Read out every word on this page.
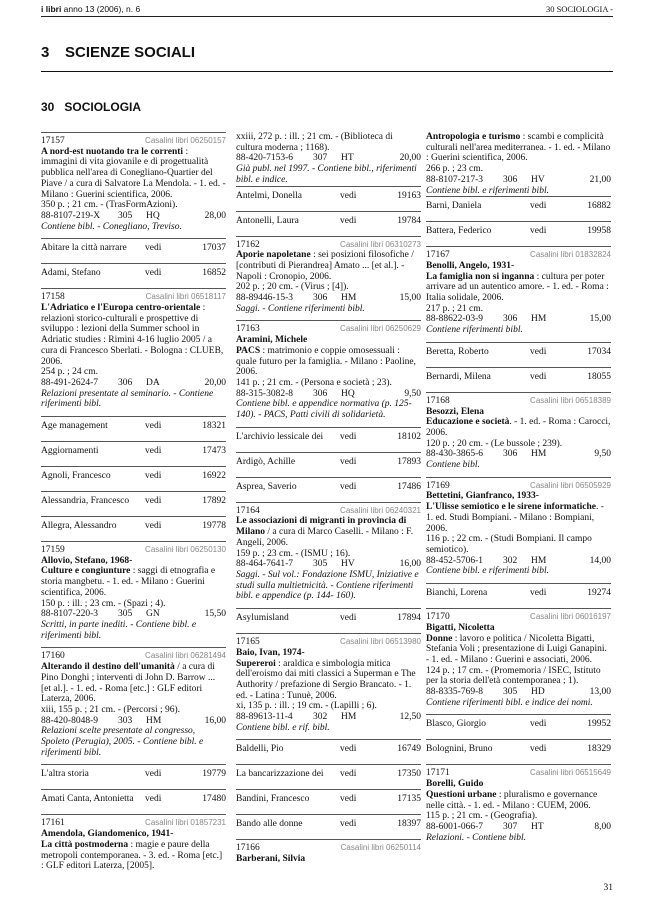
i libri anno 13 (2006), n. 6	30 SOCIOLOGIA -
3 SCIENZE SOCIALI
30 SOCIOLOGIA
17157	Casalini libri 06250157
A nord-est nuotando tra le correnti : immagini di vita giovanile e di progettualità pubblica nell'area di Conegliano-Quartier del Piave / a cura di Salvatore La Mendola. - 1. ed. - Milano : Guerini scientifica, 2006.
350 p. ; 21 cm. - (TrasFormAzioni).
88-8107-219-X	305	HQ	28,00
Contiene bibl. - Conegliano, Treviso.
Abitare la città narrare	vedi	17037
Adami, Stefano	vedi	16852
17158	Casalini libri 06518117
L'Adriatico e l'Europa centro-orientale : relazioni storico-culturali e prospettive di sviluppo : lezioni della Summer school in Adriatic studies : Rimini 4-16 luglio 2005 / a cura di Francesco Sberlati. - Bologna : CLUEB, 2006.
254 p. ; 24 cm.
88-491-2624-7	306	DA	20,00
Relazioni presentate al seminario. - Contiene riferimenti bibl.
Age management	vedi	18321
Aggiornamenti	vedi	17473
Agnoli, Francesco	vedi	16922
Alessandria, Francesco	vedi	17892
Allegra, Alessandro	vedi	19778
17159	Casalini libri 06250130
Allovio, Stefano, 1968-
Culture e congiunture : saggi di etnografia e storia mangbetu. - 1. ed. - Milano : Guerini scientifica, 2006.
150 p. : ill. ; 23 cm. - (Spazi ; 4).
88-8107-220-3	305	GN	15,50
Scritti, in parte inediti. - Contiene bibl. e riferimenti bibl.
17160	Casalini libri 06281494
Alterando il destino dell'umanità / a cura di Pino Donghi ; interventi di John D. Barrow ... [et al.]. - 1. ed. - Roma [etc.] : GLF editori Laterza, 2006.
xiii, 155 p. ; 21 cm. - (Percorsi ; 96).
88-420-8048-9	303	HM	16,00
Relazioni scelte presentate al congresso, Spoleto (Perugia), 2005. - Contiene bibl. e riferimenti bibl.
L'altra storia	vedi	19779
Amati Canta, Antonietta	vedi	17480
17161	Casalini libri 01857231
Amendola, Giandomenico, 1941-
La città postmoderna : magie e paure della metropoli contemporanea. - 3. ed. - Roma [etc.] : GLF editori Laterza, [2005].
xxiii, 272 p. : ill. ; 21 cm. - (Biblioteca di cultura moderna ; 1168).
88-420-7153-6	307	HT	20,00
Già publ. nel 1997. - Contiene bibl., riferimenti bibl. e indice.
Antelmi, Donella	vedi	19163
Antonelli, Laura	vedi	19784
17162	Casalini libri 06310273
Aporie napoletane : sei posizioni filosofiche / [contributi di Pierandrea] Amato ... [et al.]. - Napoli : Cronopio, 2006.
202 p. ; 20 cm. - (Virus ; [4]).
88-89446-15-3	306	HM	15,00
Saggi. - Contiene riferimenti bibl.
17163	Casalini libri 06250629
Aramini, Michele
PACS : matrimonio e coppie omosessuali : quale futuro per la famiglia. - Milano : Paoline, 2006.
141 p. ; 21 cm. - (Persona e società ; 23).
88-315-3082-8	306	HQ	9,50
Contiene bibl. e appendice normativa (p. 125-140). - PACS, Patti civili di solidarietà.
L'archivio lessicale dei	vedi	18102
Ardigò, Achille	vedi	17893
Asprea, Saverio	vedi	17486
17164	Casalini libri 06240321
Le associazioni di migranti in provincia di Milano / a cura di Marco Caselli. - Milano : F. Angeli, 2006.
159 p. ; 23 cm. - (ISMU ; 16).
88-464-7641-7	305	HV	16,00
Saggi. - Sul vol.: Fondazione ISMU, Iniziative e studi sulla multietnicità. - Contiene riferimenti bibl. e appendice (p. 144- 160).
Asylumisland	vedi	17894
17165	Casalini libri 06513980
Baio, Ivan, 1974-
Supereroi : araldica e simbologia mitica dell'eroismo dai miti classici a Superman e The Authority / prefazione di Sergio Brancato. - 1. ed. - Latina : Tunuè, 2006.
xi, 135 p. : ill. ; 19 cm. - (Lapilli ; 6).
88-89613-11-4	302	HM	12,50
Contiene bibl. e rif. bibl.
Baldelli, Pio	vedi	16749
La bancarizzazione dei	vedi	17350
Bandini, Francesco	vedi	17135
Bando alle donne	vedi	18397
17166	Casalini libri 06250114
Barberani, Silvia
Antropologia e turismo : scambi e complicità culturali nell'area mediterranea. - 1. ed. - Milano : Guerini scientifica, 2006.
266 p. ; 23 cm.
88-8107-217-3	306	HV	21,00
Contiene bibl. e riferimenti bibl.
Barni, Daniela	vedi	16882
Battera, Federico	vedi	19958
17167	Casalini libri 01832824
Benolli, Angelo, 1931-
La famiglia non si inganna : cultura per poter arrivare ad un autentico amore. - 1. ed. - Roma : Italia solidale, 2006.
217 p. ; 21 cm.
88-88622-03-9	306	HM	15,00
Contiene riferimenti bibl.
Beretta, Roberto	vedi	17034
Bernardi, Milena	vedi	18055
17168	Casalini libri 06518389
Besozzi, Elena
Educazione e società. - 1. ed. - Roma : Carocci, 2006.
120 p. ; 20 cm. - (Le bussole ; 239).
88-430-3865-6	306	HM	9,50
Contiene bibl.
17169	Casalini libri 06505929
Bettetini, Gianfranco, 1933-
L'Ulisse semiotico e le sirene informatiche. - 1. ed. Studi Bompiani. - Milano : Bompiani, 2006.
116 p. ; 22 cm. - (Studi Bompiani. Il campo semiotico).
88-452-5706-1	302	HM	14,00
Contiene bibl. e riferimenti bibl.
Bianchi, Lorena	vedi	19274
17170	Casalini libri 06016197
Bigatti, Nicoletta
Donne : lavoro e politica / Nicoletta Bigatti, Stefania Voli ; presentazione di Luigi Ganapini. - 1. ed. - Milano : Guerini e associati, 2006.
124 p. ; 17 cm. - (Promemoria / ISEC, Istituto per la storia dell'età contemporanea ; 1).
88-8335-769-8	305	HD	13,00
Contiene riferimenti bibl. e indice dei nomi.
Blasco, Giorgio	vedi	19952
Bolognini, Bruno	vedi	18329
17171	Casalini libri 06515649
Borelli, Guido
Questioni urbane : pluralismo e governance nelle città. - 1. ed. - Milano : CUEM, 2006.
115 p. ; 21 cm. - (Geografia).
88-6001-066-7	307	HT	8,00
Relazioni. - Contiene bibl.
31
